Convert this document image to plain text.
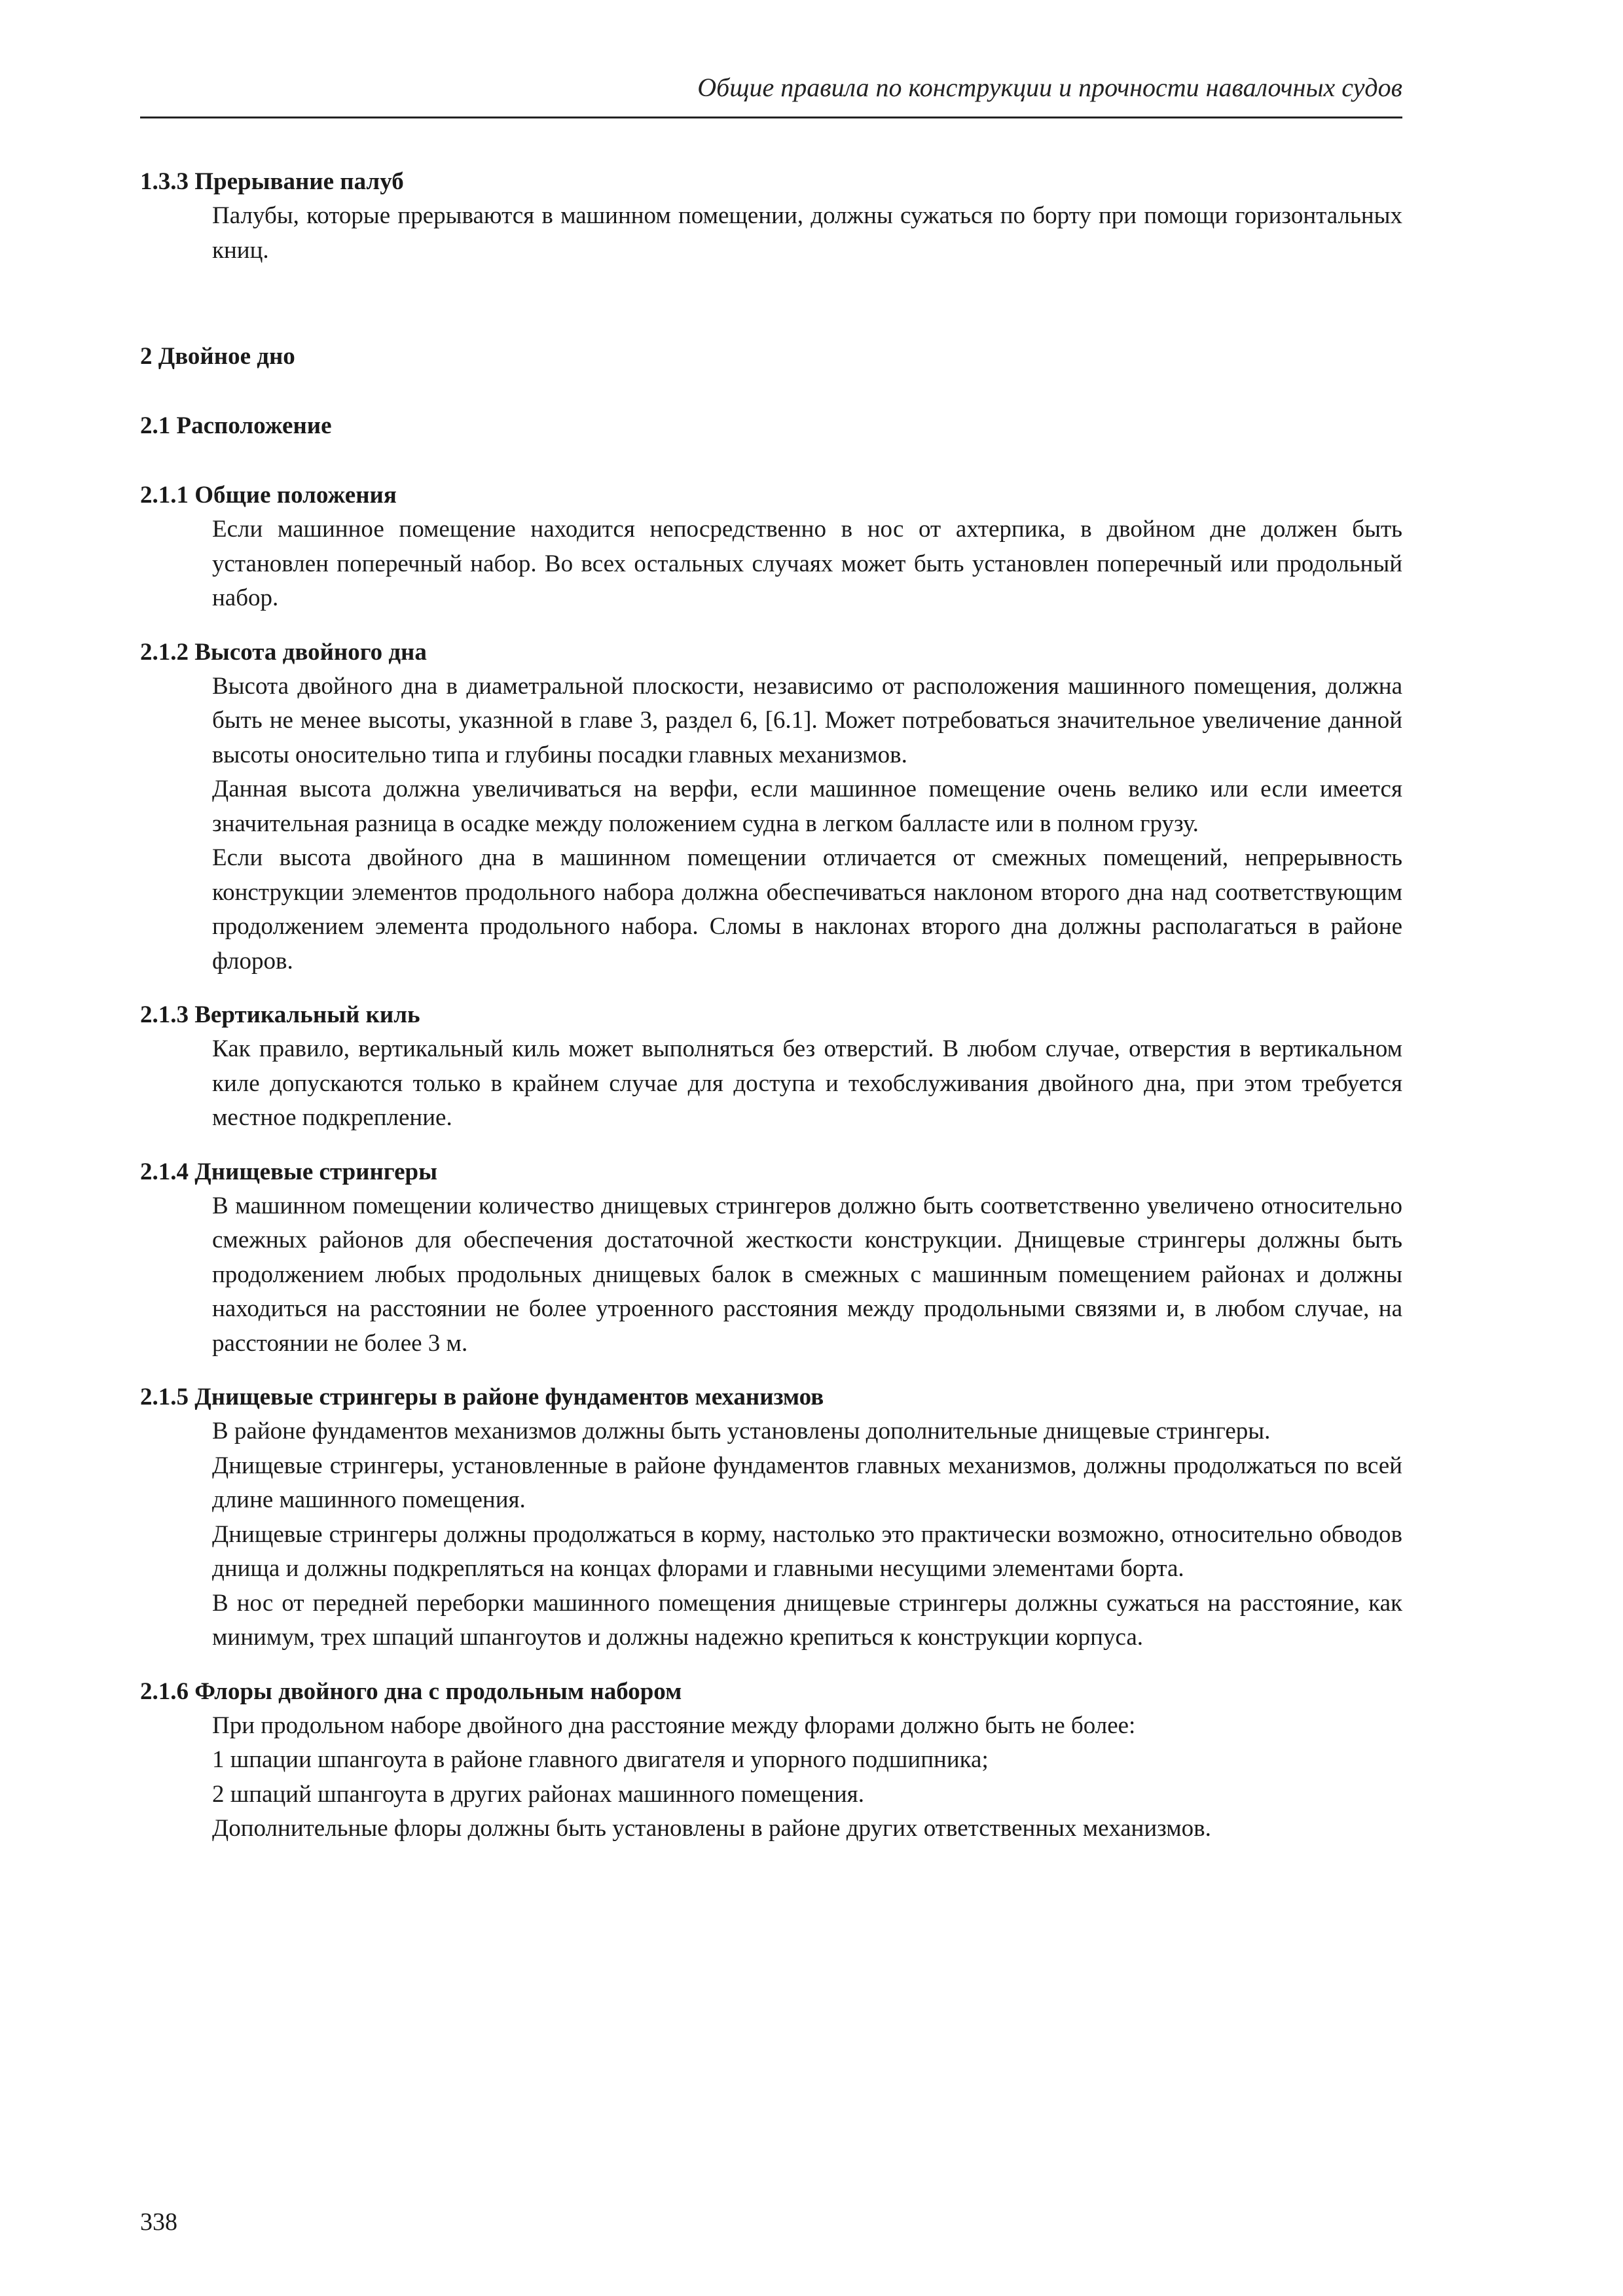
Общие правила по конструкции и прочности навалочных судов

1.3.3 Прерывание палуб

Палубы, которые прерываются в машинном помещении, должны сужаться по борту при помощи горизонтальных книц.

2 Двойное дно

2.1 Расположение

2.1.1 Общие положения

Если машинное помещение находится непосредственно в нос от ахтерпика, в двойном дне должен быть установлен поперечный набор. Во всех остальных случаях может быть установлен поперечный или продольный набор.

2.1.2 Высота двойного дна

Высота двойного дна в диаметральной плоскости, независимо от расположения машинного помещения, должна быть не менее высоты, указнной в главе 3, раздел 6, [6.1]. Может потребоваться значительное увеличение данной высоты оносительно типа и глубины посадки главных механизмов.

Данная высота должна увеличиваться на верфи, если машинное помещение очень велико или если имеется значительная разница в осадке между положением судна в легком балласте или в полном грузу.

Если высота двойного дна в машинном помещении отличается от смежных помещений, непрерывность конструкции элементов продольного набора должна обеспечиваться наклоном второго дна над соответствующим продолжением элемента продольного набора. Сломы в наклонах второго дна должны располагаться в районе флоров.

2.1.3 Вертикальный киль

Как правило, вертикальный киль может выполняться без отверстий. В любом случае, отверстия в вертикальном киле допускаются только в крайнем случае для доступа и техобслуживания двойного дна, при этом требуется местное подкрепление.

2.1.4 Днищевые стрингеры

В машинном помещении количество днищевых стрингеров должно быть соответственно увеличено относительно смежных районов для обеспечения достаточной жесткости конструкции. Днищевые стрингеры должны быть продолжением любых продольных днищевых балок в смежных с машинным помещением районах и должны находиться на расстоянии не более утроенного расстояния между продольными связями и, в любом случае, на расстоянии не более 3 м.

2.1.5 Днищевые стрингеры в районе фундаментов механизмов

В районе фундаментов механизмов должны быть установлены дополнительные днищевые стрингеры.

Днищевые стрингеры, установленные в районе фундаментов главных механизмов, должны продолжаться по всей длине машинного помещения.

Днищевые стрингеры должны продолжаться в корму, настолько это практически возможно, относительно обводов днища и должны подкрепляться на концах флорами и главными несущими элементами борта.

В нос от передней переборки машинного помещения днищевые стрингеры должны сужаться на расстояние, как минимум, трех шпаций шпангоутов и должны надежно крепиться к конструкции корпуса.

2.1.6 Флоры двойного дна с продольным набором

При продольном наборе двойного дна расстояние между флорами должно быть не более:

1 шпации шпангоута в районе главного двигателя и упорного подшипника;

2 шпаций шпангоута в других районах машинного помещения.

Дополнительные флоры должны быть установлены в районе других ответственных механизмов.

338
